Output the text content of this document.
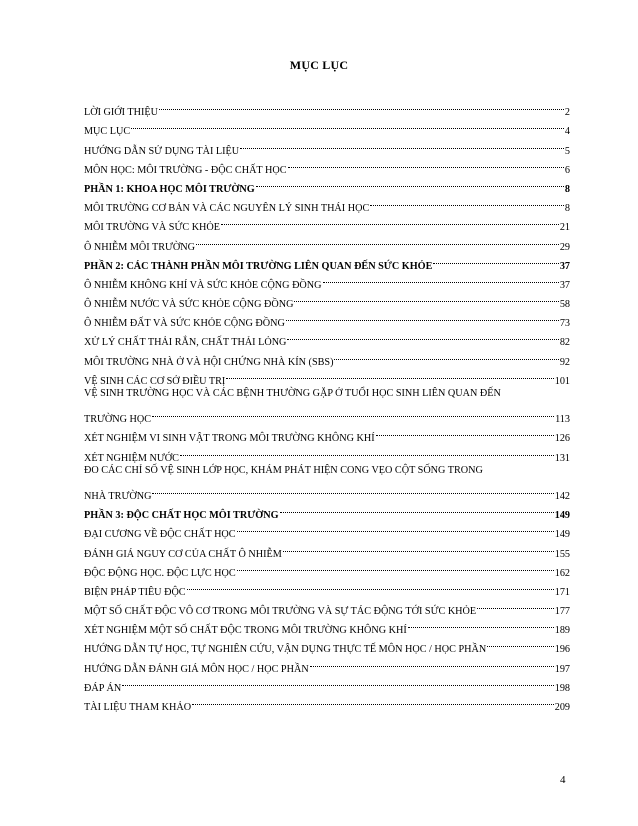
MỤC LỤC
LỜI GIỚI THIỆU	2
MỤC LỤC	4
HƯỚNG DẪN SỬ DỤNG TÀI LIỆU	5
MÔN HỌC: MÔI TRƯỜNG - ĐỘC CHẤT HỌC	6
PHẦN 1: KHOA HỌC MÔI TRƯỜNG	8
MÔI TRƯỜNG CƠ BẢN VÀ CÁC NGUYÊN LÝ SINH THÁI HỌC	8
MÔI TRƯỜNG VÀ SỨC KHỎE	21
Ô NHIỄM MÔI TRƯỜNG	29
PHẦN 2: CÁC THÀNH PHẦN MÔI TRƯỜNG LIÊN QUAN ĐẾN SỨC KHỎE	37
Ô NHIỄM KHÔNG KHÍ VÀ SỨC KHỎE CỘNG ĐỒNG	37
Ô NHIỄM NƯỚC VÀ SỨC KHỎE CỘNG ĐỒNG	58
Ô NHIỄM ĐẤT VÀ SỨC KHỎE CỘNG ĐỒNG	73
XỬ LÝ CHẤT THẢI RẮN, CHẤT THẢI LỎNG	82
MÔI TRƯỜNG NHÀ Ở VÀ HỘI CHỨNG NHÀ KÍN (SBS)	92
VỆ SINH CÁC CƠ SỞ ĐIỀU TRỊ	101
VỆ SINH TRƯỜNG HỌC VÀ CÁC BỆNH THƯỜNG GẶP Ở TUỔI HỌC SINH LIÊN QUAN ĐẾN
TRƯỜNG HỌC	113
XÉT NGHIỆM VI SINH VẬT TRONG MÔI TRƯỜNG KHÔNG KHÍ	126
XÉT NGHIỆM NƯỚC	131
ĐO CÁC CHỈ SỐ VỆ SINH LỚP HỌC, KHÁM PHÁT HIỆN CONG VẸO CỘT SỐNG TRONG
NHÀ TRƯỜNG	142
PHẦN 3: ĐỘC CHẤT HỌC MÔI TRƯỜNG	149
ĐẠI CƯƠNG VỀ ĐỘC CHẤT HỌC	149
ĐÁNH GIÁ NGUY CƠ CỦA CHẤT Ô NHIỄM	155
ĐỘC ĐỘNG HỌC. ĐỘC LỰC HỌC	162
BIỆN PHÁP TIÊU ĐỘC	171
MỘT SỐ CHẤT ĐỘC VÔ CƠ TRONG MÔI TRƯỜNG VÀ SỰ TÁC ĐỘNG TỚI SỨC KHỎE	177
XÉT NGHIỆM MỘT SỐ CHẤT ĐỘC TRONG MÔI TRƯỜNG KHÔNG KHÍ	189
HƯỚNG DẪN TỰ HỌC, TỰ NGHIÊN CỨU, VẬN DỤNG THỰC TẾ MÔN HỌC / HỌC PHẦN	196
HƯỚNG DẪN ĐÁNH GIÁ MÔN HỌC / HỌC PHẦN	197
ĐÁP ÁN	198
TÀI LIỆU THAM KHẢO	209
4
